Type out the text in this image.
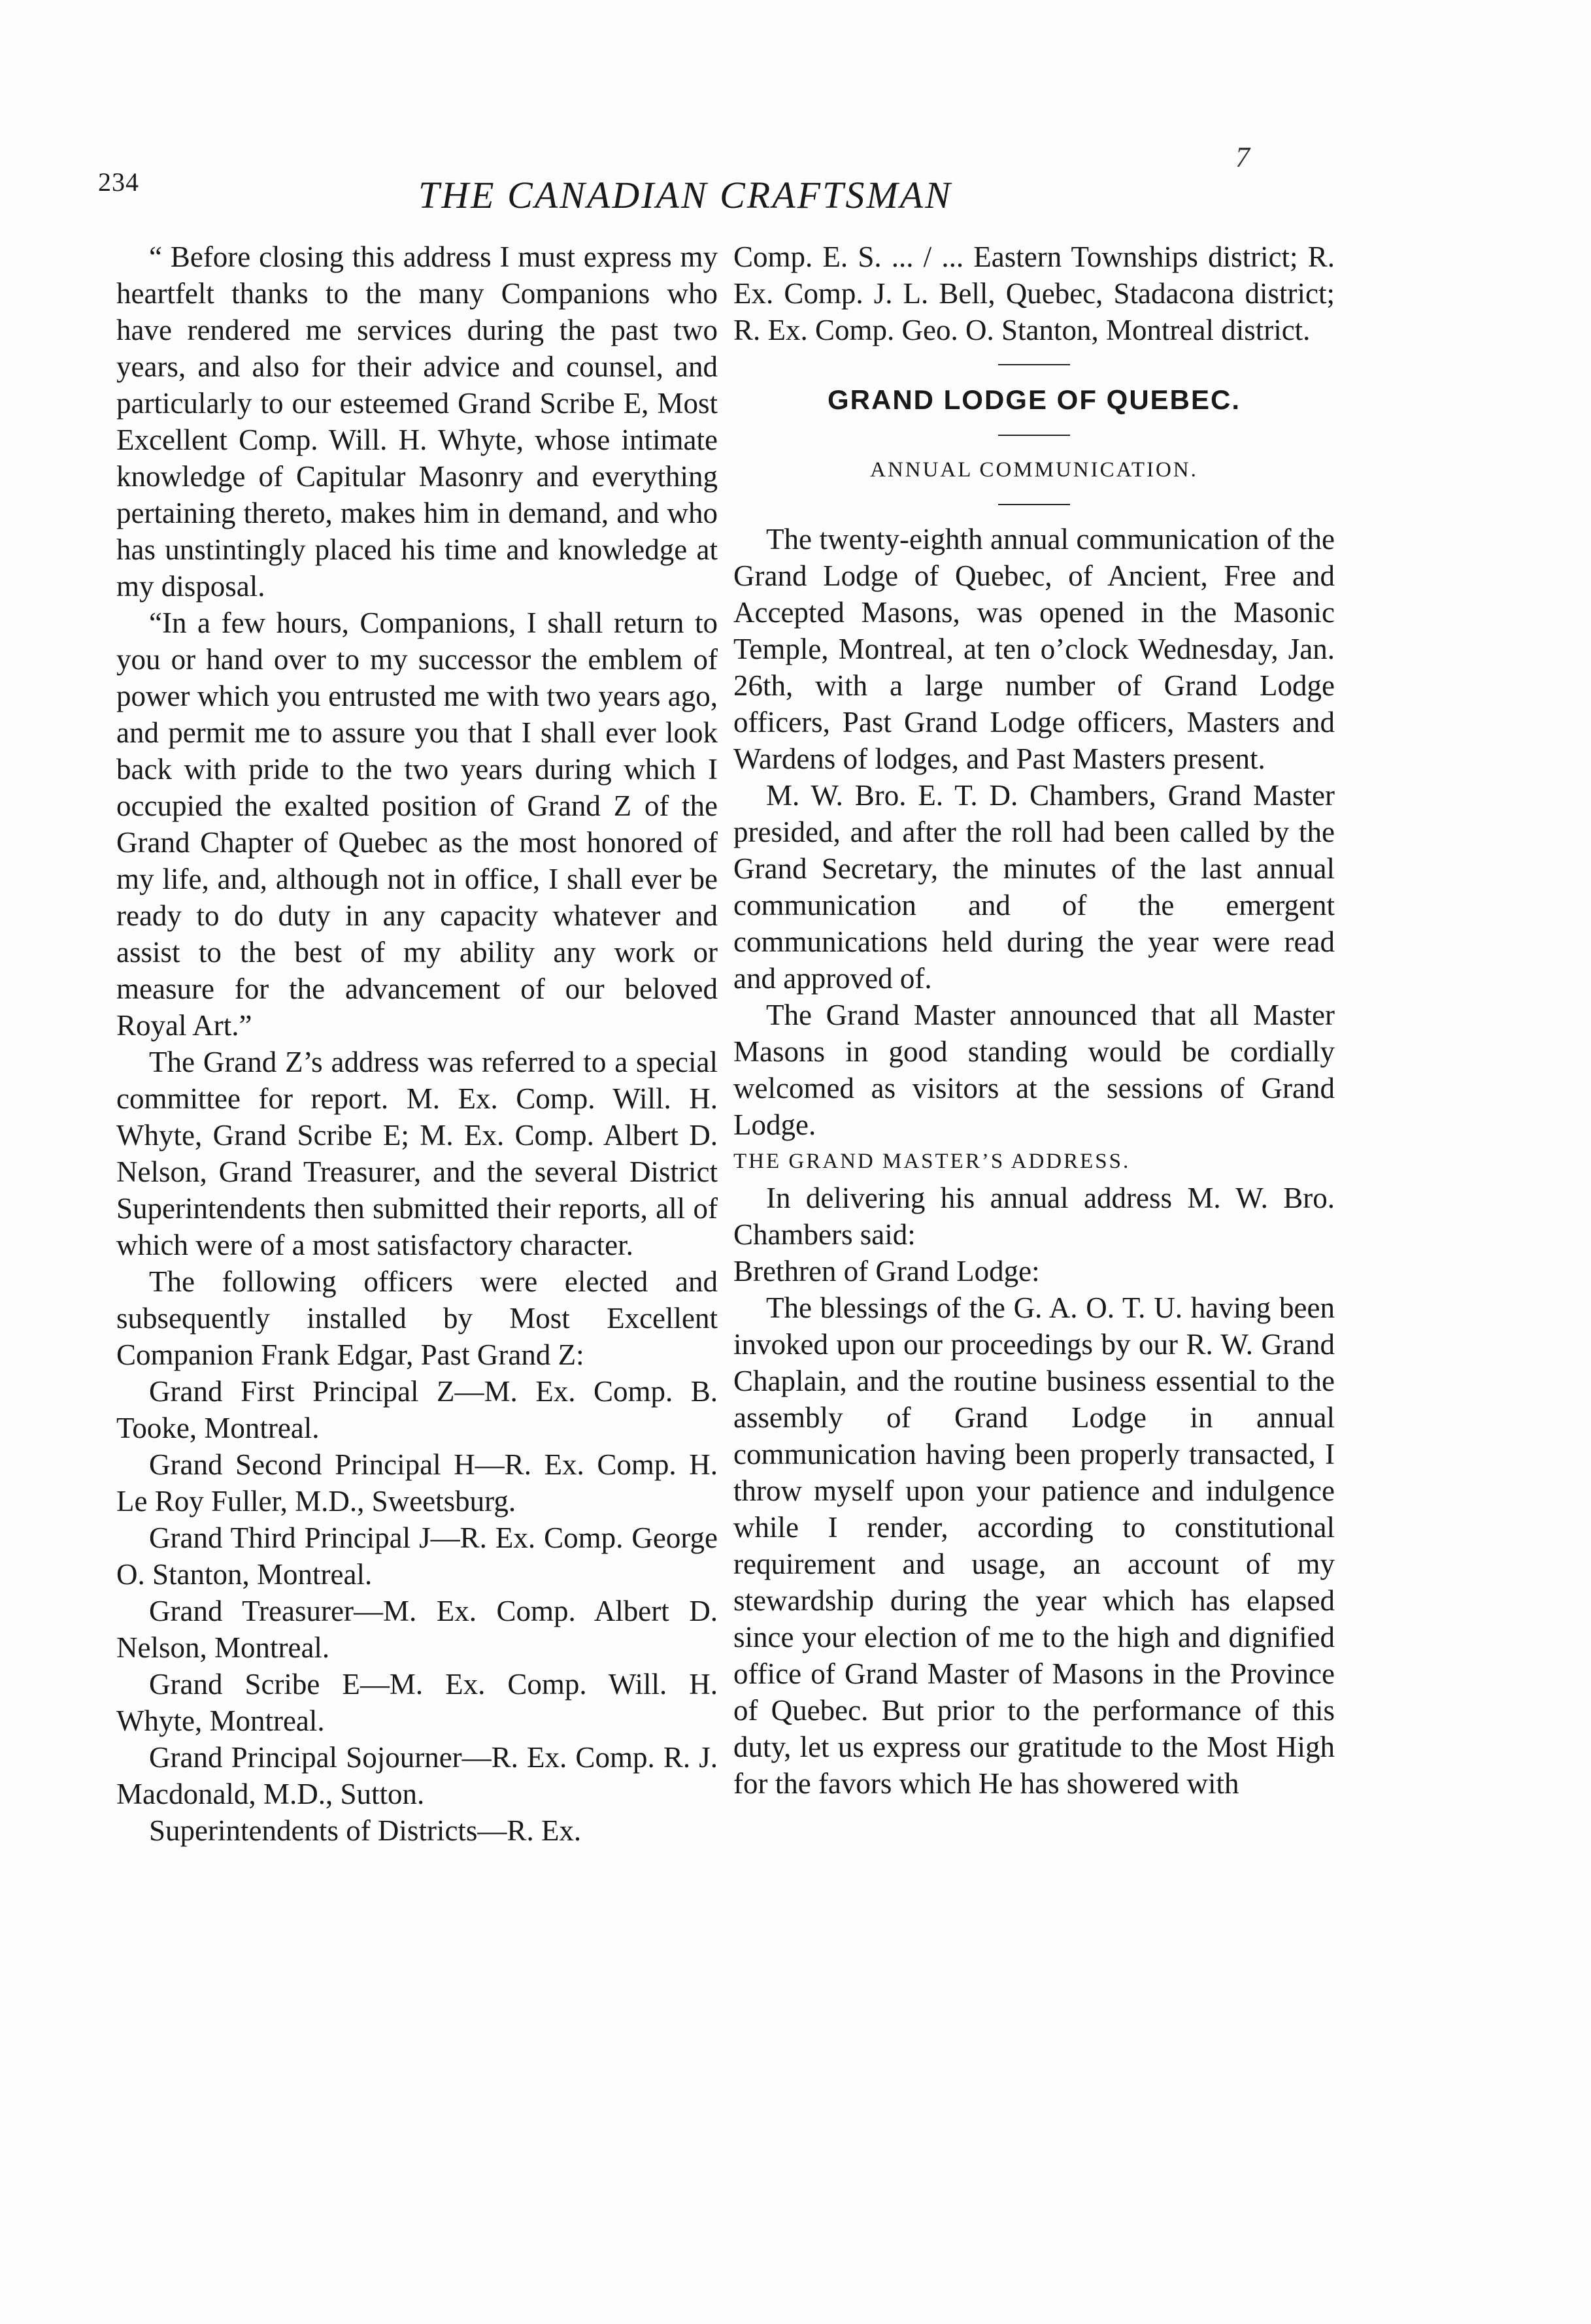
234	THE CANADIAN CRAFTSMAN
7

“ Before closing this address I must express my heartfelt thanks to the many Companions who have rendered me services during the past two years, and also for their advice and counsel, and particularly to our esteemed Grand Scribe E, Most Excellent Comp. Will. H. Whyte, whose intimate knowledge of Capitular Masonry and everything pertaining thereto, makes him in demand, and who has unstintingly placed his time and knowledge at my disposal.

“In a few hours, Companions, I shall return to you or hand over to my successor the emblem of power which you entrusted me with two years ago, and permit me to assure you that I shall ever look back with pride to the two years during which I occupied the exalted position of Grand Z of the Grand Chapter of Quebec as the most honored of my life, and, although not in office, I shall ever be ready to do duty in any capacity whatever and assist to the best of my ability any work or measure for the advancement of our beloved Royal Art.”

The Grand Z’s address was referred to a special committee for report. M. Ex. Comp. Will. H. Whyte, Grand Scribe E; M. Ex. Comp. Albert D. Nelson, Grand Treasurer, and the several District Superintendents then submitted their reports, all of which were of a most satisfactory character.

The following officers were elected and subsequently installed by Most Excellent Companion Frank Edgar, Past Grand Z:

Grand First Principal Z—M. Ex. Comp. B. Tooke, Montreal.

Grand Second Principal H—R. Ex. Comp. H. Le Roy Fuller, M.D., Sweetsburg.

Grand Third Principal J—R. Ex. Comp. George O. Stanton, Montreal.

Grand Treasurer—M. Ex. Comp. Albert D. Nelson, Montreal.

Grand Scribe E—M. Ex. Comp. Will. H. Whyte, Montreal.

Grand Principal Sojourner—R. Ex. Comp. R. J. Macdonald, M.D., Sutton.

Superintendents of Districts—R. Ex.

Comp. E. S. ... / ... Eastern Townships district; R. Ex. Comp. J. L. Bell, Quebec, Stadacona district; R. Ex. Comp. Geo. O. Stanton, Montreal district.

GRAND LODGE OF QUEBEC.

ANNUAL COMMUNICATION.

The twenty-eighth annual communication of the Grand Lodge of Quebec, of Ancient, Free and Accepted Masons, was opened in the Masonic Temple, Montreal, at ten o’clock Wednesday, Jan. 26th, with a large number of Grand Lodge officers, Past Grand Lodge officers, Masters and Wardens of lodges, and Past Masters present.

M. W. Bro. E. T. D. Chambers, Grand Master presided, and after the roll had been called by the Grand Secretary, the minutes of the last annual communication and of the emergent communications held during the year were read and approved of.

The Grand Master announced that all Master Masons in good standing would be cordially welcomed as visitors at the sessions of Grand Lodge.

THE GRAND MASTER’S ADDRESS.

In delivering his annual address M. W. Bro. Chambers said:

Brethren of Grand Lodge:

The blessings of the G. A. O. T. U. having been invoked upon our proceedings by our R. W. Grand Chaplain, and the routine business essential to the assembly of Grand Lodge in annual communication having been properly transacted, I throw myself upon your patience and indulgence while I render, according to constitutional requirement and usage, an account of my stewardship during the year which has elapsed since your election of me to the high and dignified office of Grand Master of Masons in the Province of Quebec. But prior to the performance of this duty, let us express our gratitude to the Most High for the favors which He has showered with
